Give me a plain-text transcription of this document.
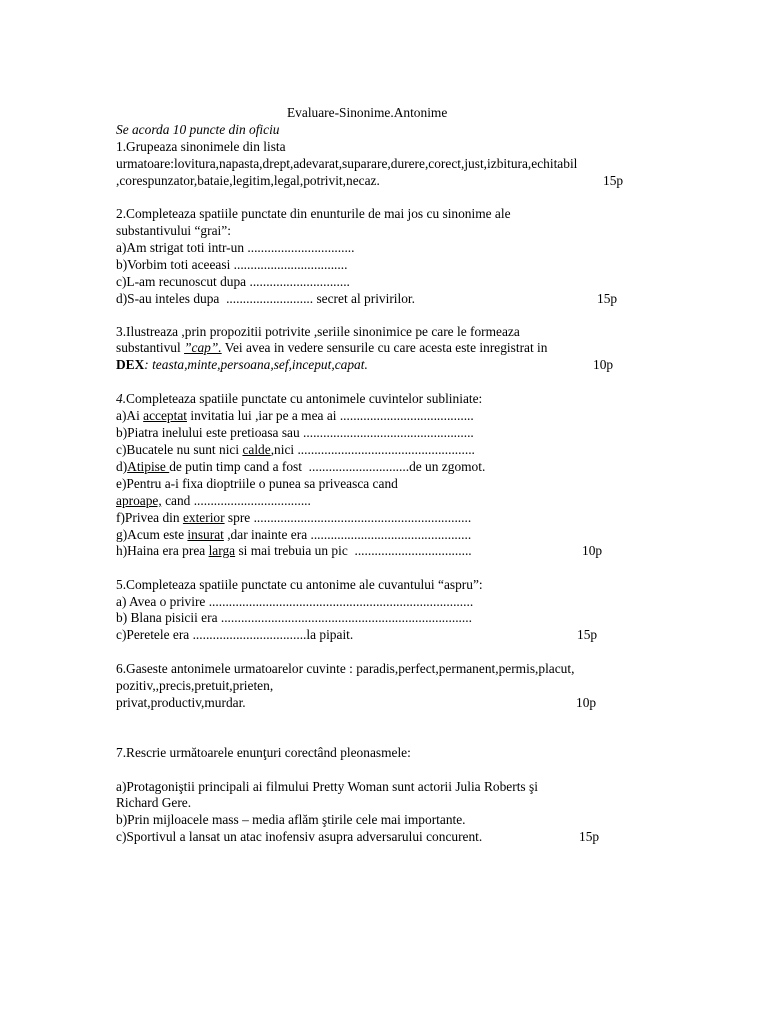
Evaluare-Sinonime.Antonime
Se acorda 10 puncte din oficiu
1.Grupeaza sinonimele din lista
urmatoare:lovitura,napasta,drept,adevarat,suparare,durere,corect,just,izbitura,echitabil
,corespunzator,bataie,legitim,legal,potrivit,necaz.	15p
2.Completeaza spatiile punctate din enunturile de mai jos cu sinonime ale
substantivului “grai”:
a)Am strigat toti intr-un ................................
b)Vorbim toti aceeasi ..................................
c)L-am recunoscut dupa ..............................
d)S-au inteles dupa  .......................... secret al privirilor.	15p
3.Ilustreaza ,prin propozitii potrivite ,seriile sinonimice pe care le formeaza
substantivul ”cap”. Vei avea in vedere sensurile cu care acesta este inregistrat in
DEX: teasta,minte,persoana,sef,inceput,capat.	10p
4.Completeaza spatiile punctate cu antonimele cuvintelor subliniate:
a)Ai acceptat invitatia lui ,iar pe a mea ai ........................................
b)Piatra inelului este pretioasa sau ...................................................
c)Bucatele nu sunt nici calde,nici .....................................................
d)Atipise de putin timp cand a fost  ..............................de un zgomot.
e)Pentru a-i fixa dioptriile o punea sa priveasca cand
aproape, cand ...................................
f)Privea din exterior spre .................................................................
g)Acum este insurat ,dar inainte era ................................................
h)Haina era prea larga si mai trebuia un pic  ...................................	10p
5.Completeaza spatiile punctate cu antonime ale cuvantului “aspru”:
a) Avea o privire ...............................................................................
b) Blana pisicii era ...........................................................................
c)Peretele era ..................................la pipait.	15p
6.Gaseste antonimele urmatoarelor cuvinte : paradis,perfect,permanent,permis,placut,
pozitiv,,precis,pretuit,prieten,
privat,productiv,murdar.	10p
7.Rescrie următoarele enunţuri corectând pleonasmele:
a)Protagoniştii principali ai filmului Pretty Woman sunt actorii Julia Roberts şi
Richard Gere.
b)Prin mijloacele mass – media aflăm ştirile cele mai importante.
c)Sportivul a lansat un atac inofensiv asupra adversarului concurent.	15p
